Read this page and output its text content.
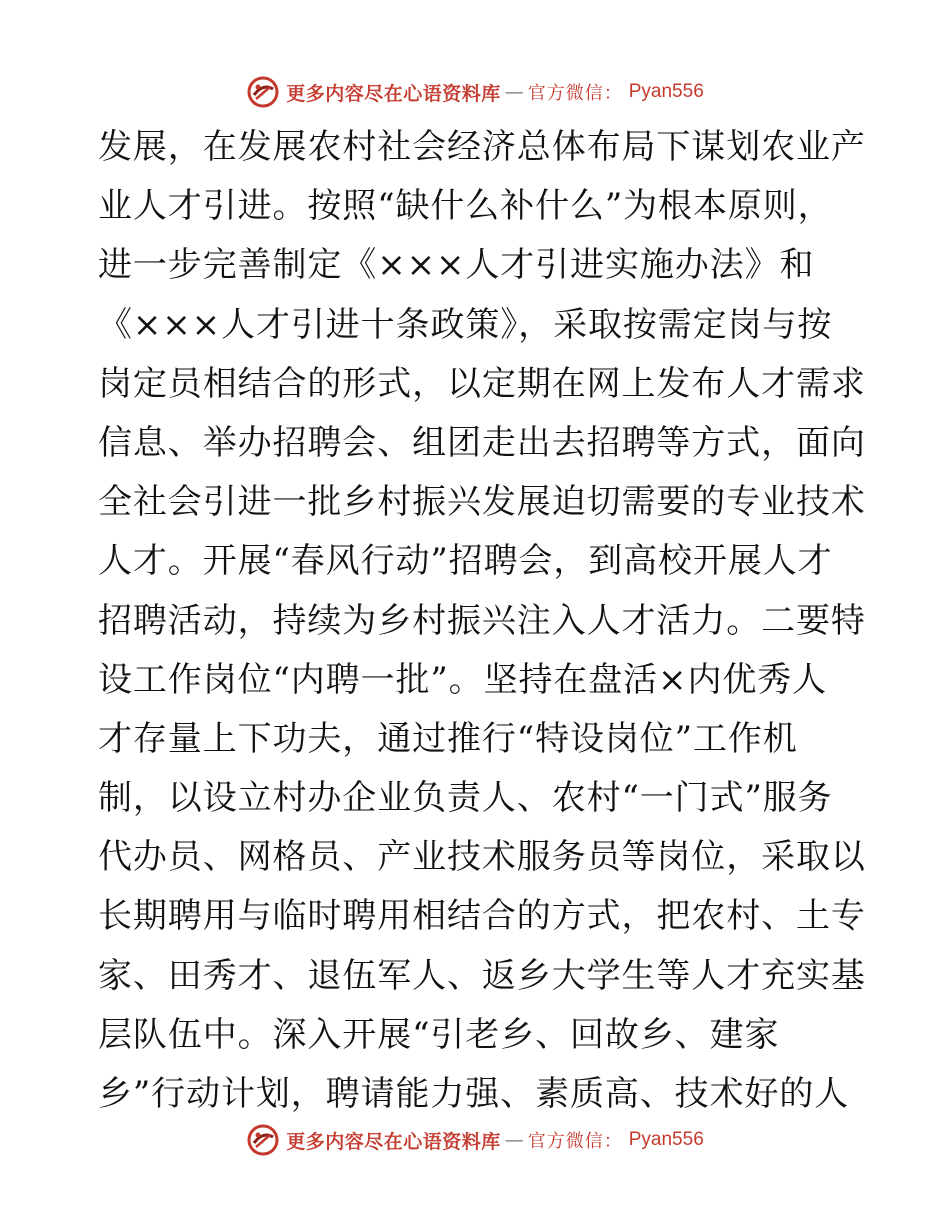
更多内容尽在心语资料库 — 官方微信： Pyan556
发展，在发展农村社会经济总体布局下谋划农业产
业人才引进。按照“缺什么补什么”为根本原则，
进一步完善制定《×××人才引进实施办法》和
《×××人才引进十条政策》，采取按需定岗与按
岗定员相结合的形式，以定期在网上发布人才需求
信息、举办招聘会、组团走出去招聘等方式，面向
全社会引进一批乡村振兴发展迫切需要的专业技术
人才。开展“春风行动”招聘会，到高校开展人才
招聘活动，持续为乡村振兴注入人才活力。二要特
设工作岗位“内聘一批”。坚持在盘活×内优秀人
才存量上下功夫，通过推行“特设岗位”工作机
制，以设立村办企业负责人、农村“一门式”服务
代办员、网格员、产业技术服务员等岗位，采取以
长期聘用与临时聘用相结合的方式，把农村、土专
家、田秀才、退伍军人、返乡大学生等人才充实基
层队伍中。深入开展“引老乡、回故乡、建家
乡”行动计划，聘请能力强、素质高、技术好的人
更多内容尽在心语资料库 — 官方微信： Pyan556
